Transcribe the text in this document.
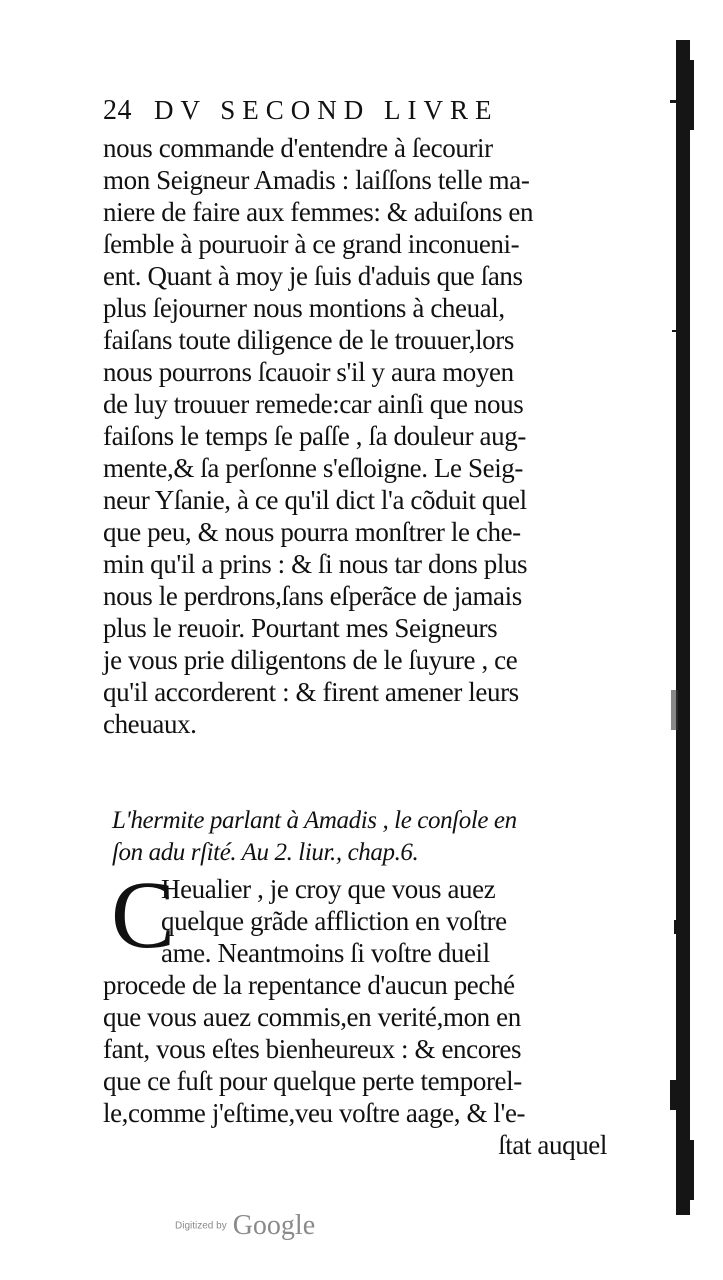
24 DV SECOND LIVRE
nous commande d'entendre à ſecourir
mon Seigneur Amadis : laiſſons telle ma-
niere de faire aux femmes: & aduiſons en
ſemble à pouruoir à ce grand inconueni-
ent. Quant à moy je ſuis d'aduis que ſans
plus ſejourner nous montions à cheual,
faiſans toute diligence de le trouuer,lors
nous pourrons ſcauoir s'il y aura moyen
de luy trouuer remede:car ainſi que nous
faiſons le temps ſe paſſe , ſa douleur aug-
mente,& ſa perſonne s'eſloigne. Le Seig-
neur Yſanie, à ce qu'il dict l'a cõduit quel
que peu, & nous pourra monſtrer le che-
min qu'il a prins : & ſi nous tar dons plus
nous le perdrons,ſans eſperãce de jamais
plus le reuoir. Pourtant mes Seigneurs
je vous prie diligentons de le ſuyure , ce
qu'il accorderent : & firent amener leurs
cheuaux.
L'hermite parlant à Amadis , le conſole en
ſon adu rſité. Au 2. liur., chap.6.
C
Heualier , je croy que vous auez
quelque grãde affliction en voſtre
ame. Neantmoins ſi voſtre dueil
procede de la repentance d'aucun peché
que vous auez commis,en verité,mon en
fant, vous eſtes bienheureux : & encores
que ce fuſt pour quelque perte temporel-
le,comme j'eſtime,veu voſtre aage, & l'e-
ſtat auquel
Digitized by Google
